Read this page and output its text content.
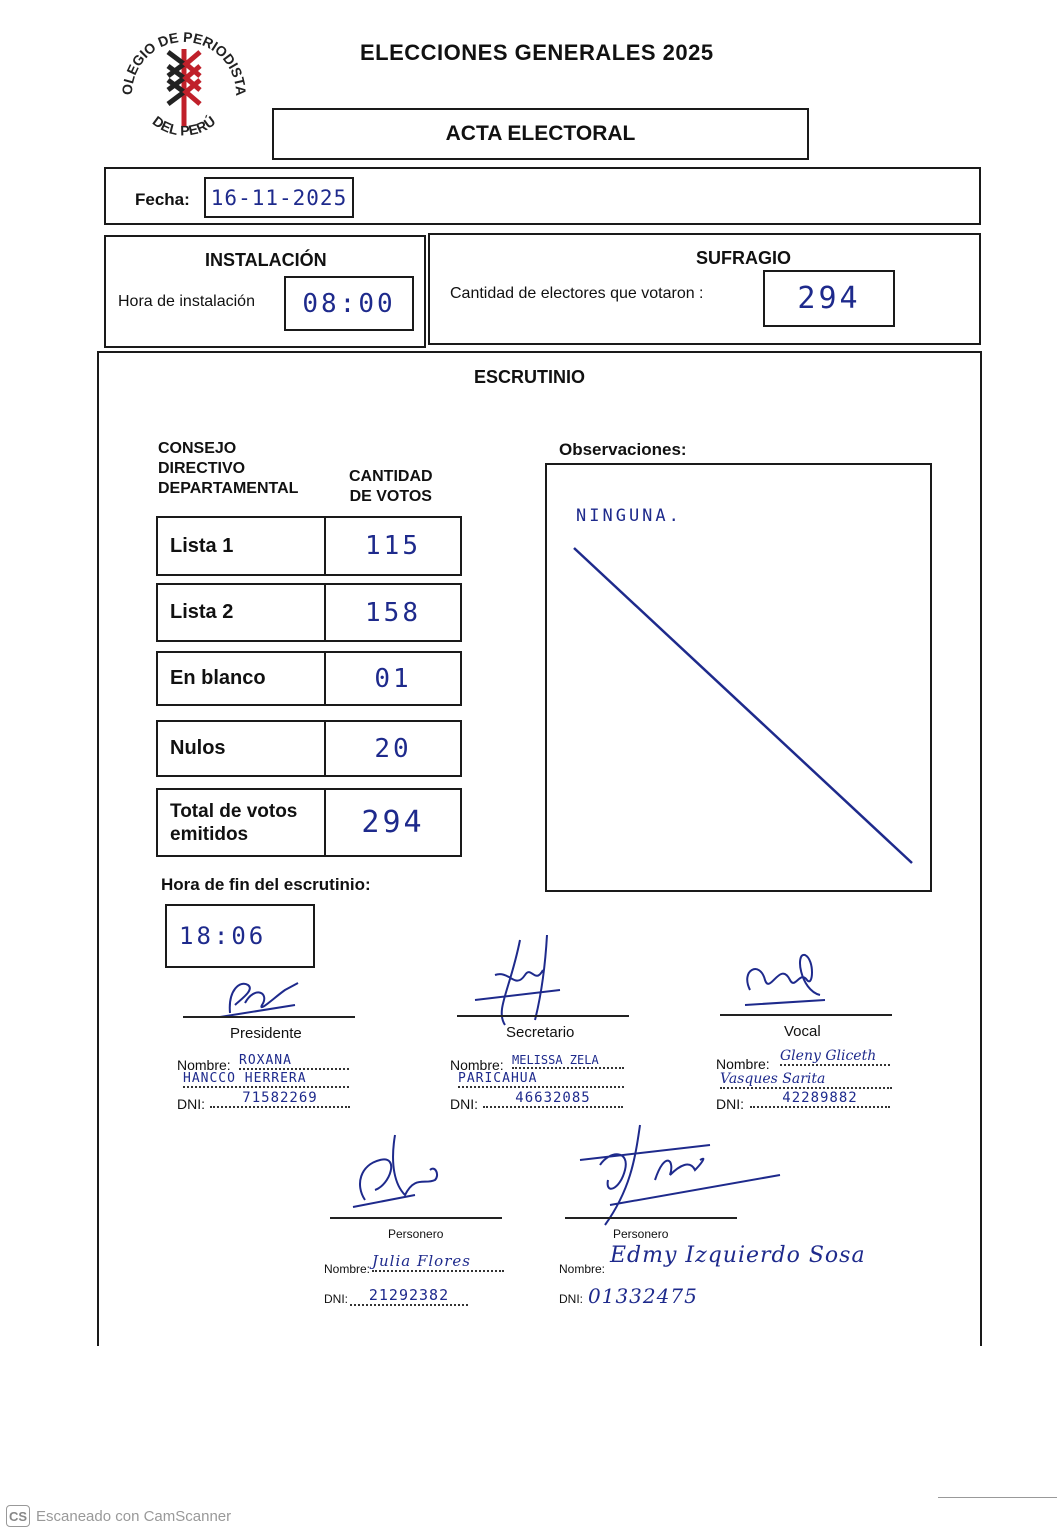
OLEGIO DE PERIODISTA
DEL PERÚ
ELECCIONES GENERALES 2025
ACTA ELECTORAL
Fecha: 16-11-2025
INSTALACIÓN
Hora de instalación	08:00
SUFRAGIO
Cantidad de electores que votaron :	294
ESCRUTINIO
CONSEJO
DIRECTIVO
DEPARTAMENTAL
CANTIDAD
DE VOTOS
Lista 1	115
Lista 2	158
En blanco	01
Nulos	20
Total de votos
emitidos	294
Observaciones:
NINGUNA.
Hora de fin del escrutinio:
18:06
Presidente
Nombre: ROXANA
HANCCO HERRERA
DNI:	71582269
Secretario
Nombre: MELISSA ZELA
PARICAHUA
DNI:	46632085
Vocal
Nombre: Gleny Gliceth
Vasques Sarita
DNI:	42289882
Personero
Nombre: Julia Flores
DNI:	21292382
Personero
Nombre:
Edmy Izquierdo Sosa
DNI: 01332475
CS Escaneado con CamScanner
